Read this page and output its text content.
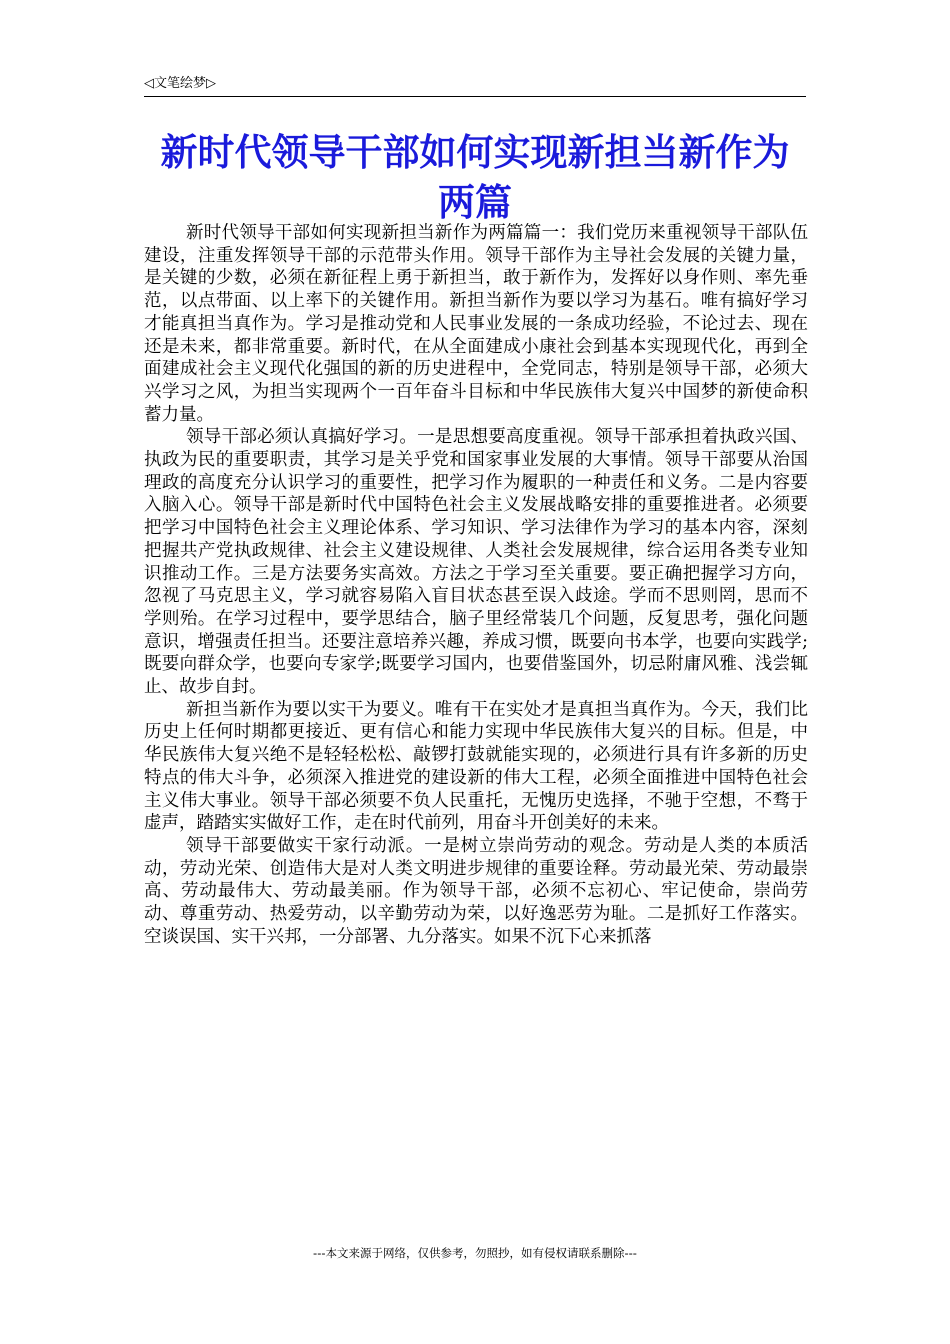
◁文笔绘梦▷
新时代领导干部如何实现新担当新作为两篇

新时代领导干部如何实现新担当新作为两篇篇一：我们党历来重视领导干部队伍建设，注重发挥领导干部的示范带头作用。领导干部作为主导社会发展的关键力量，是关键的少数，必须在新征程上勇于新担当，敢于新作为，发挥好以身作则、率先垂范，以点带面、以上率下的关键作用。新担当新作为要以学习为基石。唯有搞好学习才能真担当真作为。学习是推动党和人民事业发展的一条成功经验，不论过去、现在还是未来，都非常重要。新时代，在从全面建成小康社会到基本实现现代化，再到全面建成社会主义现代化强国的新的历史进程中，全党同志，特别是领导干部，必须大兴学习之风，为担当实现两个一百年奋斗目标和中华民族伟大复兴中国梦的新使命积蓄力量。

领导干部必须认真搞好学习。一是思想要高度重视。领导干部承担着执政兴国、执政为民的重要职责，其学习是关乎党和国家事业发展的大事情。领导干部要从治国理政的高度充分认识学习的重要性，把学习作为履职的一种责任和义务。二是内容要入脑入心。领导干部是新时代中国特色社会主义发展战略安排的重要推进者。必须要把学习中国特色社会主义理论体系、学习知识、学习法律作为学习的基本内容，深刻把握共产党执政规律、社会主义建设规律、人类社会发展规律，综合运用各类专业知识推动工作。三是方法要务实高效。方法之于学习至关重要。要正确把握学习方向，忽视了马克思主义，学习就容易陷入盲目状态甚至误入歧途。学而不思则罔，思而不学则殆。在学习过程中，要学思结合，脑子里经常装几个问题，反复思考，强化问题意识，增强责任担当。还要注意培养兴趣，养成习惯，既要向书本学，也要向实践学;既要向群众学，也要向专家学;既要学习国内，也要借鉴国外，切忌附庸风雅、浅尝辄止、故步自封。

新担当新作为要以实干为要义。唯有干在实处才是真担当真作为。今天，我们比历史上任何时期都更接近、更有信心和能力实现中华民族伟大复兴的目标。但是，中华民族伟大复兴绝不是轻轻松松、敲锣打鼓就能实现的，必须进行具有许多新的历史特点的伟大斗争，必须深入推进党的建设新的伟大工程，必须全面推进中国特色社会主义伟大事业。领导干部必须要不负人民重托，无愧历史选择，不驰于空想，不骛于虚声，踏踏实实做好工作，走在时代前列，用奋斗开创美好的未来。

领导干部要做实干家行动派。一是树立崇尚劳动的观念。劳动是人类的本质活动，劳动光荣、创造伟大是对人类文明进步规律的重要诠释。劳动最光荣、劳动最崇高、劳动最伟大、劳动最美丽。作为领导干部，必须不忘初心、牢记使命，崇尚劳动、尊重劳动、热爱劳动，以辛勤劳动为荣，以好逸恶劳为耻。二是抓好工作落实。空谈误国、实干兴邦，一分部署、九分落实。如果不沉下心来抓落

---本文来源于网络，仅供参考，勿照抄，如有侵权请联系删除---
